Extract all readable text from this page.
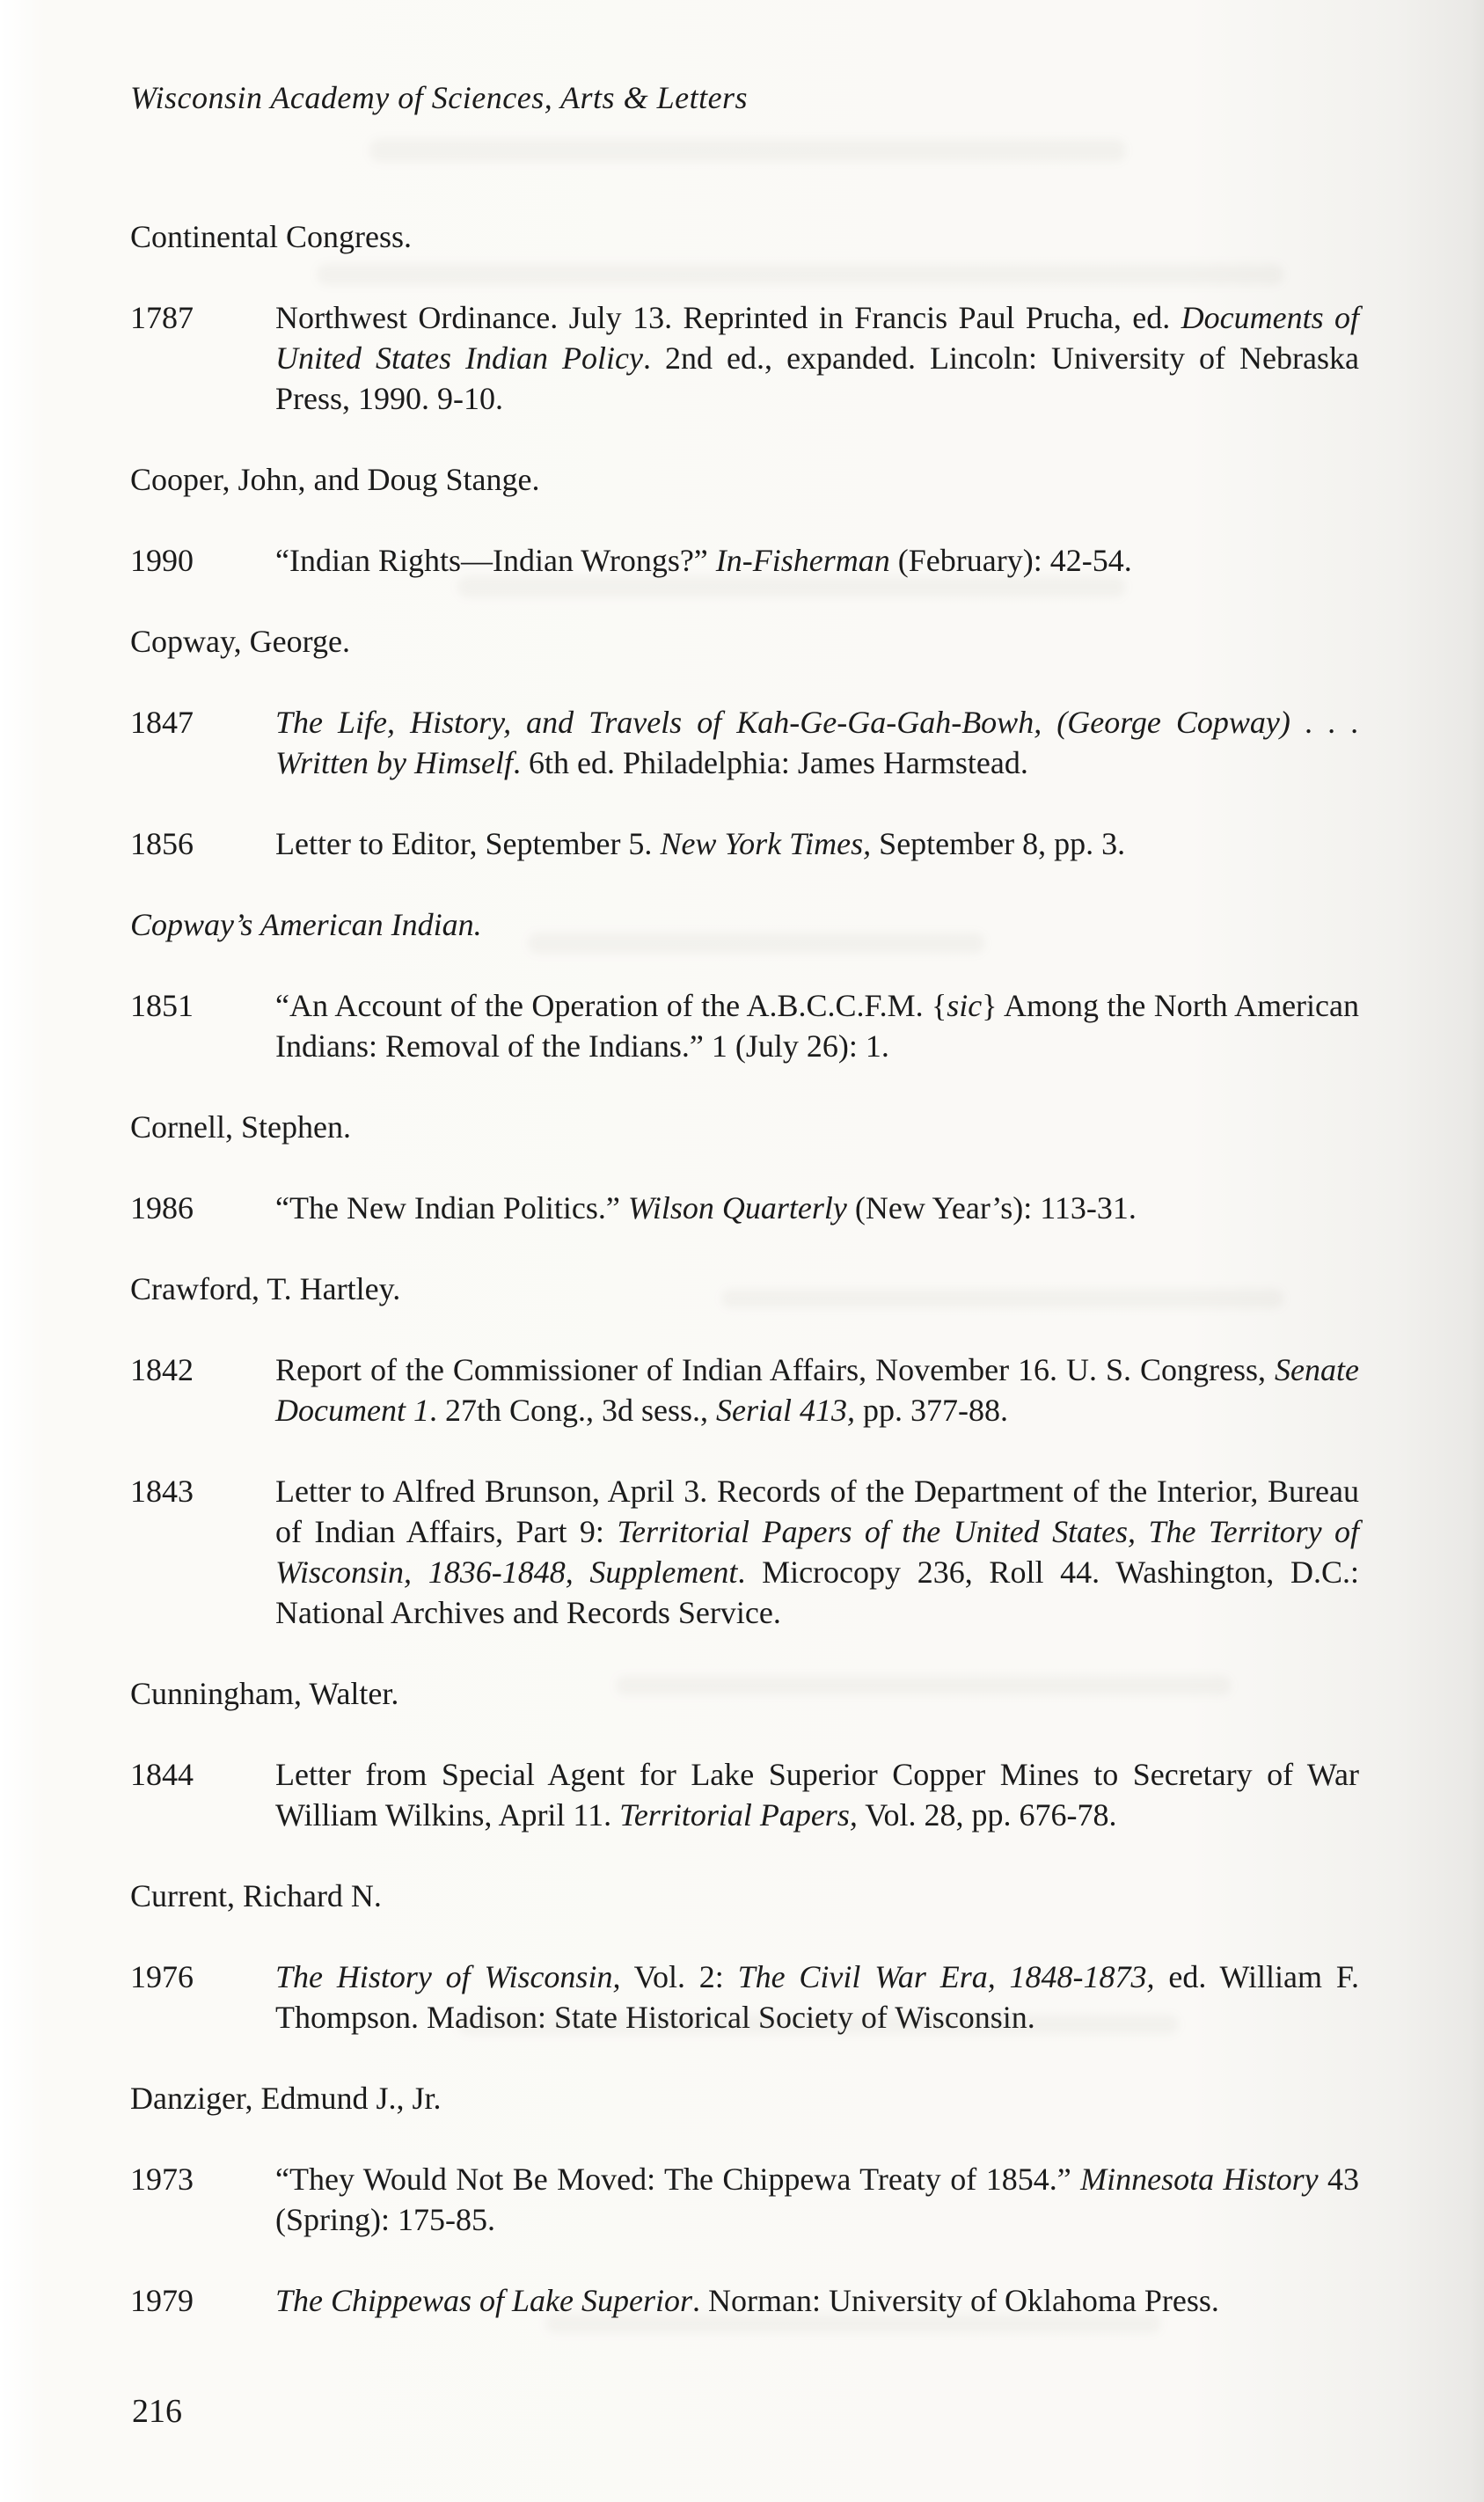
Wisconsin Academy of Sciences, Arts & Letters
Continental Congress.
1787	Northwest Ordinance. July 13. Reprinted in Francis Paul Prucha, ed. Documents of United States Indian Policy. 2nd ed., expanded. Lincoln: University of Nebraska Press, 1990. 9-10.

Cooper, John, and Doug Stange.
1990	“Indian Rights—Indian Wrongs?” In-Fisherman (February): 42-54.

Copway, George.
1847	The Life, History, and Travels of Kah-Ge-Ga-Gah-Bowh, (George Copway) . . . Written by Himself. 6th ed. Philadelphia: James Harmstead.

1856	Letter to Editor, September 5. New York Times, September 8, pp. 3.

Copway’s American Indian.
1851	“An Account of the Operation of the A.B.C.C.F.M. {sic} Among the North American Indians: Removal of the Indians.” 1 (July 26): 1.

Cornell, Stephen.
1986	“The New Indian Politics.” Wilson Quarterly (New Year’s): 113-31.

Crawford, T. Hartley.
1842	Report of the Commissioner of Indian Affairs, November 16. U. S. Congress, Senate Document 1. 27th Cong., 3d sess., Serial 413, pp. 377-88.

1843	Letter to Alfred Brunson, April 3. Records of the Department of the Interior, Bureau of Indian Affairs, Part 9: Territorial Papers of the United States, The Territory of Wisconsin, 1836-1848, Supplement. Microcopy 236, Roll 44. Washington, D.C.: National Archives and Records Service.

Cunningham, Walter.
1844	Letter from Special Agent for Lake Superior Copper Mines to Secretary of War William Wilkins, April 11. Territorial Papers, Vol. 28, pp. 676-78.

Current, Richard N.
1976	The History of Wisconsin, Vol. 2: The Civil War Era, 1848-1873, ed. William F. Thompson. Madison: State Historical Society of Wisconsin.

Danziger, Edmund J., Jr.
1973	“They Would Not Be Moved: The Chippewa Treaty of 1854.” Minnesota History 43 (Spring): 175-85.

1979	The Chippewas of Lake Superior. Norman: University of Oklahoma Press.

216
